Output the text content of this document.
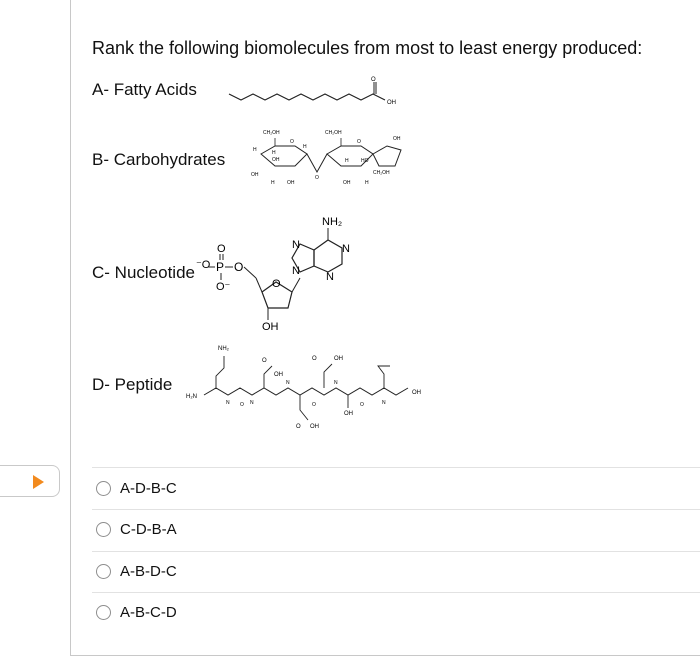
Rank the following biomolecules from most to least energy produced:
A- Fatty Acids	O
OH
B- Carbohydrates
CH₂OH
O
H	H
OH
H
OH
H OH
O
CH₂OH
O
H HO
OH	H
OH
CH₂OH
C- Nucleotide ⁻O P O
O
O⁻	O
OH
NH₂
N
N
N
N
D- Peptide
H₂N
NH₂
OH
O
O OH
O	OH
OH
N	N
N	N
N
O	O	O
OH
A-D-B-C
C-D-B-A
A-B-D-C
A-B-C-D
